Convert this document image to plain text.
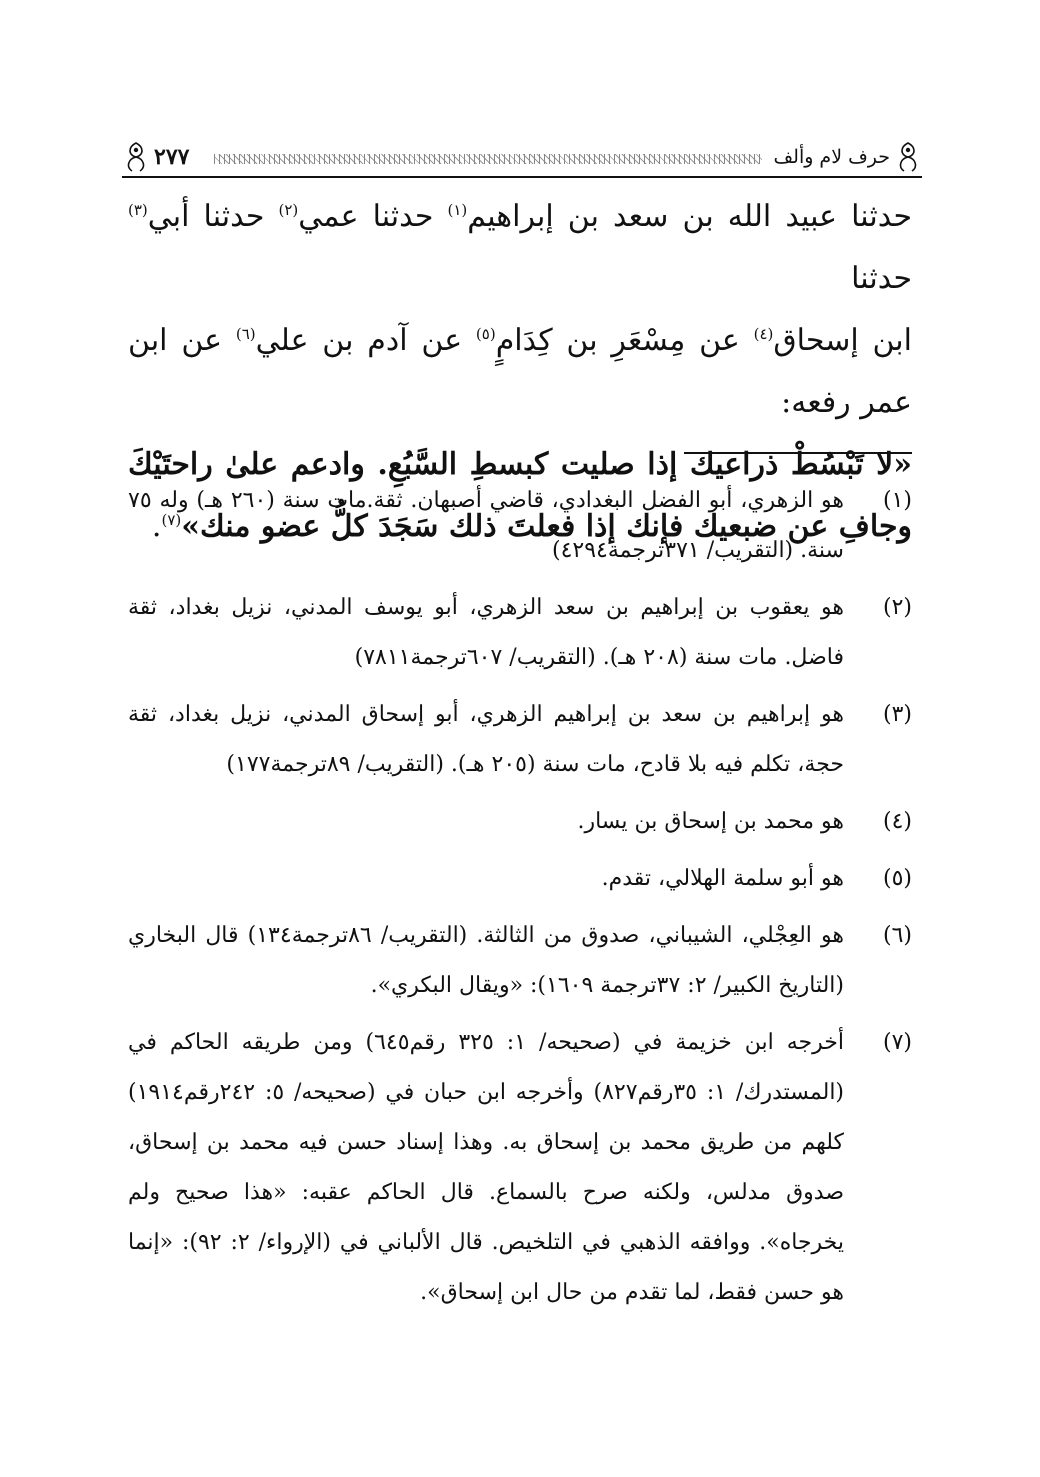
٢٧٧	حرف لام وألف

حدثنا عبيد الله بن سعد بن إبراهيم$^{(١)}$ حدثنا عمي$^{(٢)}$ حدثنا أبي$^{(٣)}$ حدثنا

ابن إسحاق$^{(٤)}$ عن مِسْعَرِ بن كِدَامٍ$^{(٥)}$ عن آدم بن علي$^{(٦)}$ عن ابن عمر رفعه:

«لا تَبْسُطْ ذراعيك إذا صليت كبسطِ السَّبُعِ. وادعم علىٰ راحتَيْكَ وجافِ عن ضبعيك فإنك إذا فعلتَ ذلك سَجَدَ كلُّ عضو منك»$^{(٧)}$.

(١)
هو الزهري، أبو الفضل البغدادي، قاضي أصبهان. ثقة.مات سنة (٢٦٠ هـ) وله ٧٥ سنة. (التقريب/ ٣٧١ترجمة٤٢٩٤)
(٢)
هو يعقوب بن إبراهيم بن سعد الزهري، أبو يوسف المدني، نزيل بغداد، ثقة فاضل. مات سنة (٢٠٨ هـ). (التقريب/ ٦٠٧ترجمة٧٨١١)
(٣)
هو إبراهيم بن سعد بن إبراهيم الزهري، أبو إسحاق المدني، نزيل بغداد، ثقة حجة، تكلم فيه بلا قادح، مات سنة (٢٠٥ هـ). (التقريب/ ٨٩ترجمة١٧٧)
(٤)
هو محمد بن إسحاق بن يسار.
(٥)
هو أبو سلمة الهلالي، تقدم.
(٦)
هو العِجْلي، الشيباني، صدوق من الثالثة. (التقريب/ ٨٦ترجمة١٣٤) قال البخاري (التاريخ الكبير/ ٢: ٣٧ترجمة ١٦٠٩): «ويقال البكري».
(٧)
أخرجه ابن خزيمة في (صحيحه/ ١: ٣٢٥ رقم٦٤٥) ومن طريقه الحاكم في (المستدرك/ ١: ٣٥رقم٨٢٧) وأخرجه ابن حبان في (صحيحه/ ٥: ٢٤٢رقم١٩١٤) كلهم من طريق محمد بن إسحاق به. وهذا إسناد حسن فيه محمد بن إسحاق، صدوق مدلس، ولكنه صرح بالسماع. قال الحاكم عقبه: «هذا صحيح ولم يخرجاه». ووافقه الذهبي في التلخيص. قال الألباني في (الإرواء/ ٢: ٩٢): «إنما هو حسن فقط، لما تقدم من حال ابن إسحاق».
